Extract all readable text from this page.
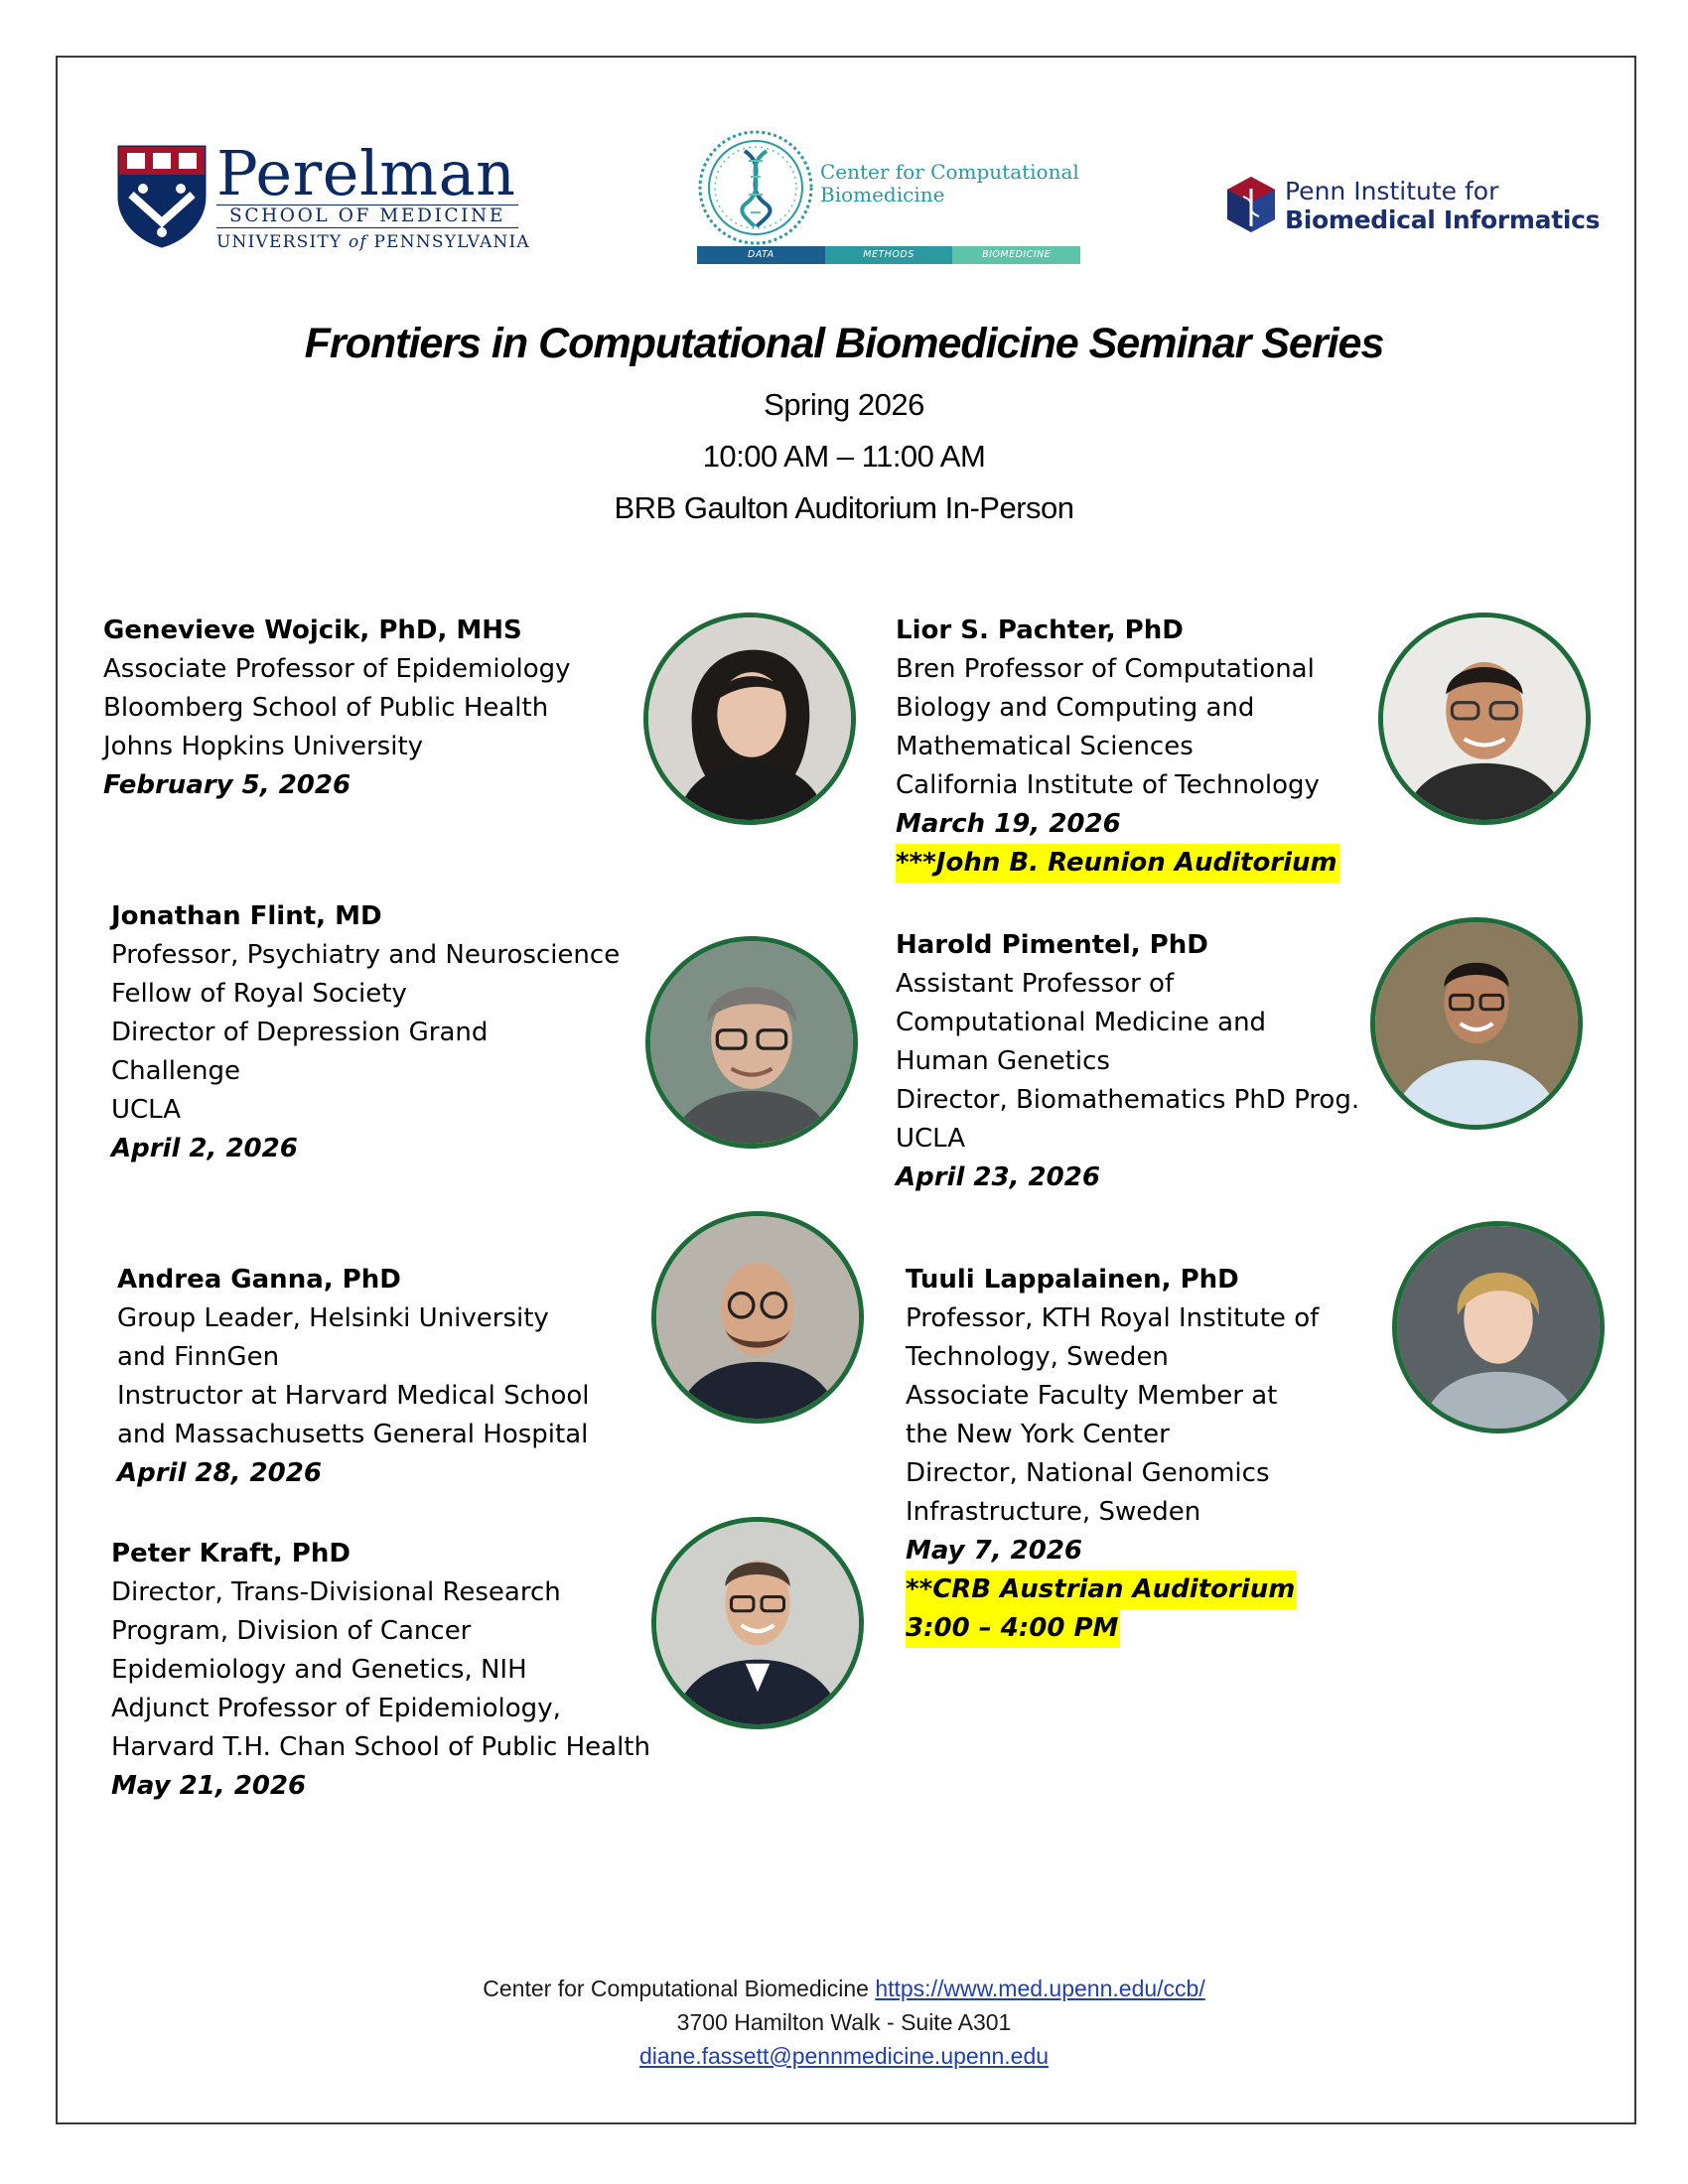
Perelman
SCHOOL OF MEDICINE
UNIVERSITY of PENNSYLVANIA
Center for Computational
Biomedicine
DATA	METHODS	BIOMEDICINE
Penn Institute for
Biomedical Informatics
Frontiers in Computational Biomedicine Seminar Series
Spring 2026
10:00 AM – 11:00 AM
BRB Gaulton Auditorium In-Person
Genevieve Wojcik, PhD, MHS
Associate Professor of Epidemiology
Bloomberg School of Public Health
Johns Hopkins University
February 5, 2026
Lior S. Pachter, PhD
Bren Professor of Computational
Biology and Computing and
Mathematical Sciences
California Institute of Technology
March 19, 2026
***John B. Reunion Auditorium
Jonathan Flint, MD
Professor, Psychiatry and Neuroscience
Fellow of Royal Society
Director of Depression Grand
Challenge
UCLA
April 2, 2026
Harold Pimentel, PhD
Assistant Professor of
Computational Medicine and
Human Genetics
Director, Biomathematics PhD Prog.
UCLA
April 23, 2026
Andrea Ganna, PhD
Group Leader, Helsinki University
and FinnGen
Instructor at Harvard Medical School
and Massachusetts General Hospital
April 28, 2026
Tuuli Lappalainen, PhD
Professor, KTH Royal Institute of
Technology, Sweden
Associate Faculty Member at
the New York Center
Director, National Genomics
Infrastructure, Sweden
May 7, 2026
**CRB Austrian Auditorium
3:00 – 4:00 PM
Peter Kraft, PhD
Director, Trans-Divisional Research
Program, Division of Cancer
Epidemiology and Genetics, NIH
Adjunct Professor of Epidemiology,
Harvard T.H. Chan School of Public Health
May 21, 2026
Center for Computational Biomedicine https://www.med.upenn.edu/ccb/
3700 Hamilton Walk - Suite A301
diane.fassett@pennmedicine.upenn.edu
